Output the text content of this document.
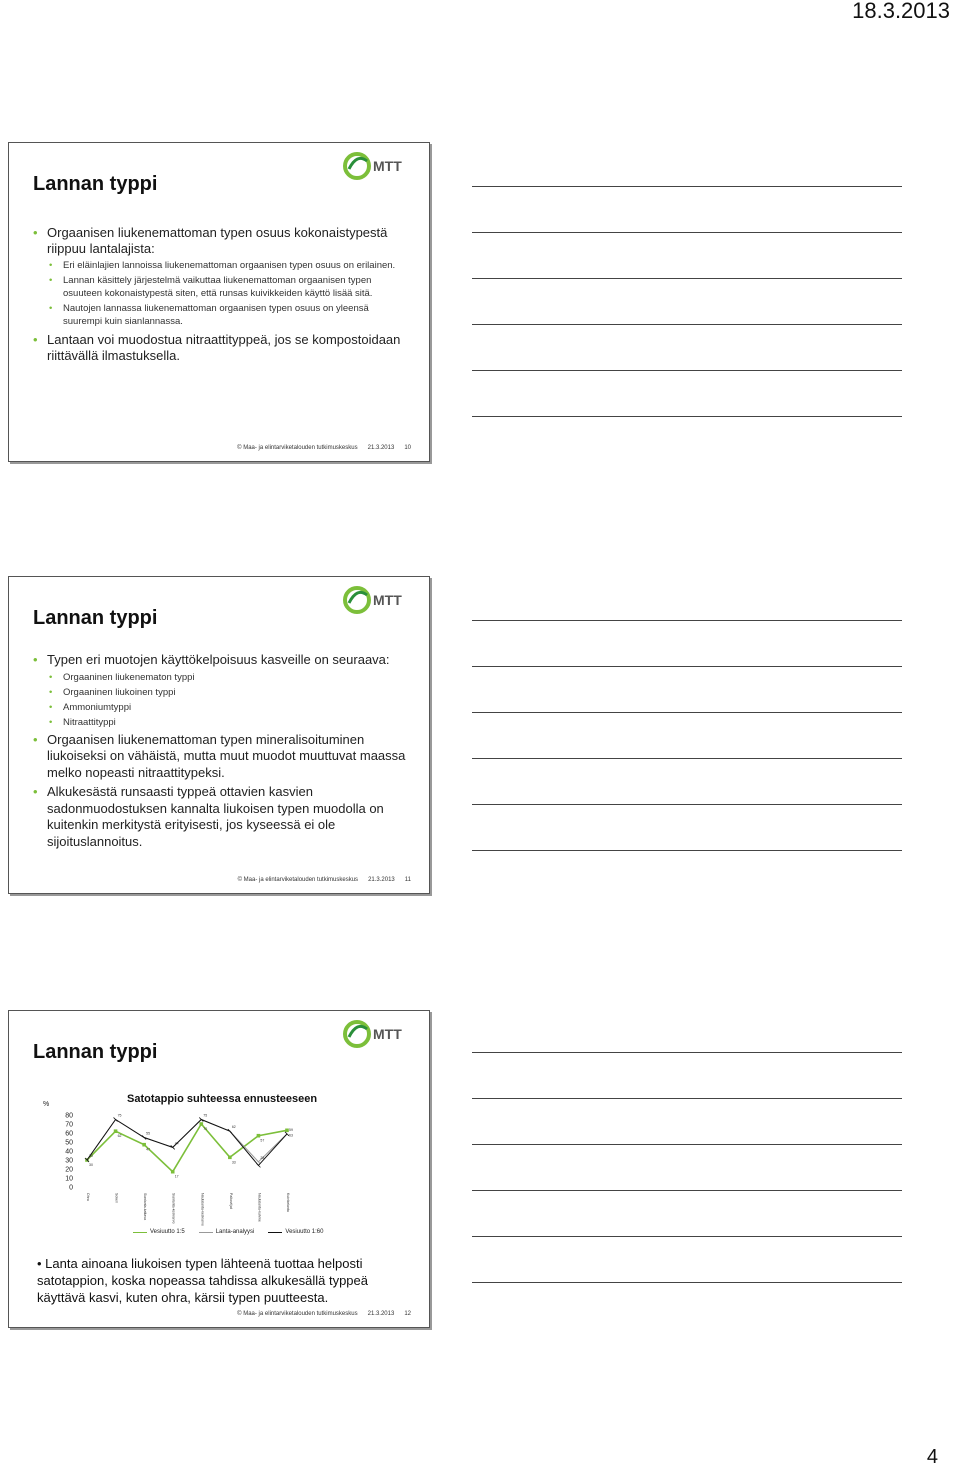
18.3.2013
Lannan typpi
MTT
• Orgaanisen liukenemattoman typen osuus kokonaistypestä riippuu lantalajista:
• Eri eläinlajien lannoissa liukenemattoman orgaanisen typen osuus on erilainen.
• Lannan käsittely järjestelmä vaikuttaa liukenemattoman orgaanisen typen osuuteen kokonaistypestä siten, että runsas kuivikkeiden käyttö lisää sitä.
• Nautojen lannassa liukenemattoman orgaanisen typen osuus on yleensä suurempi kuin sianlannassa.
• Lantaan voi muodostua nitraattityppeä, jos se kompostoidaan riittävällä ilmastuksella.
© Maa- ja elintarviketalouden tutkimuskeskus 21.3.2013 10
Lannan typpi
MTT
• Typen eri muotojen käyttökelpoisuus kasveille on seuraava:
• Orgaaninen liukenematon typpi
• Orgaaninen liukoinen typpi
• Ammoniumtyppi
• Nitraattityppi
• Orgaanisen liukenemattoman typen mineralisoituminen liukoiseksi on vähäistä, mutta muut muodot muuttuvat maassa melko nopeasti nitraattitypeksi.
• Alkukesästä runsaasti typpeä ottavien kasvien sadonmuodostuksen kannalta liukoisen typen muodolla on kuitenkin merkitystä erityisesti, jos kyseessä ei ole sijoituslannoitus.
© Maa- ja elintarviketalouden tutkimuskeskus 21.3.2013 11
Lannan typpi
MTT
Satotappio suhteessa ennusteeseen
%
0
10
20
30
40
50
60
70
80
Ohra	Sokeri	Sianlanta-kattava	Sianlanta-keskiarvo	Nautalanta-keskiarvo	Palkoviljat	Nautalanta-kuivike	Kuivikelanta
30
62
47
17
70
33
57
63
30
75
55
44
75
62
28
59
Vesiuutto 1:5	Lanta-analyysi	Vesiuutto 1:60
• Lanta ainoana liukoisen typen lähteenä tuottaa helposti satotappion, koska nopeassa tahdissa alkukesällä typpeä käyttävä kasvi, kuten ohra, kärsii typen puutteesta.
© Maa- ja elintarviketalouden tutkimuskeskus 21.3.2013 12
4
